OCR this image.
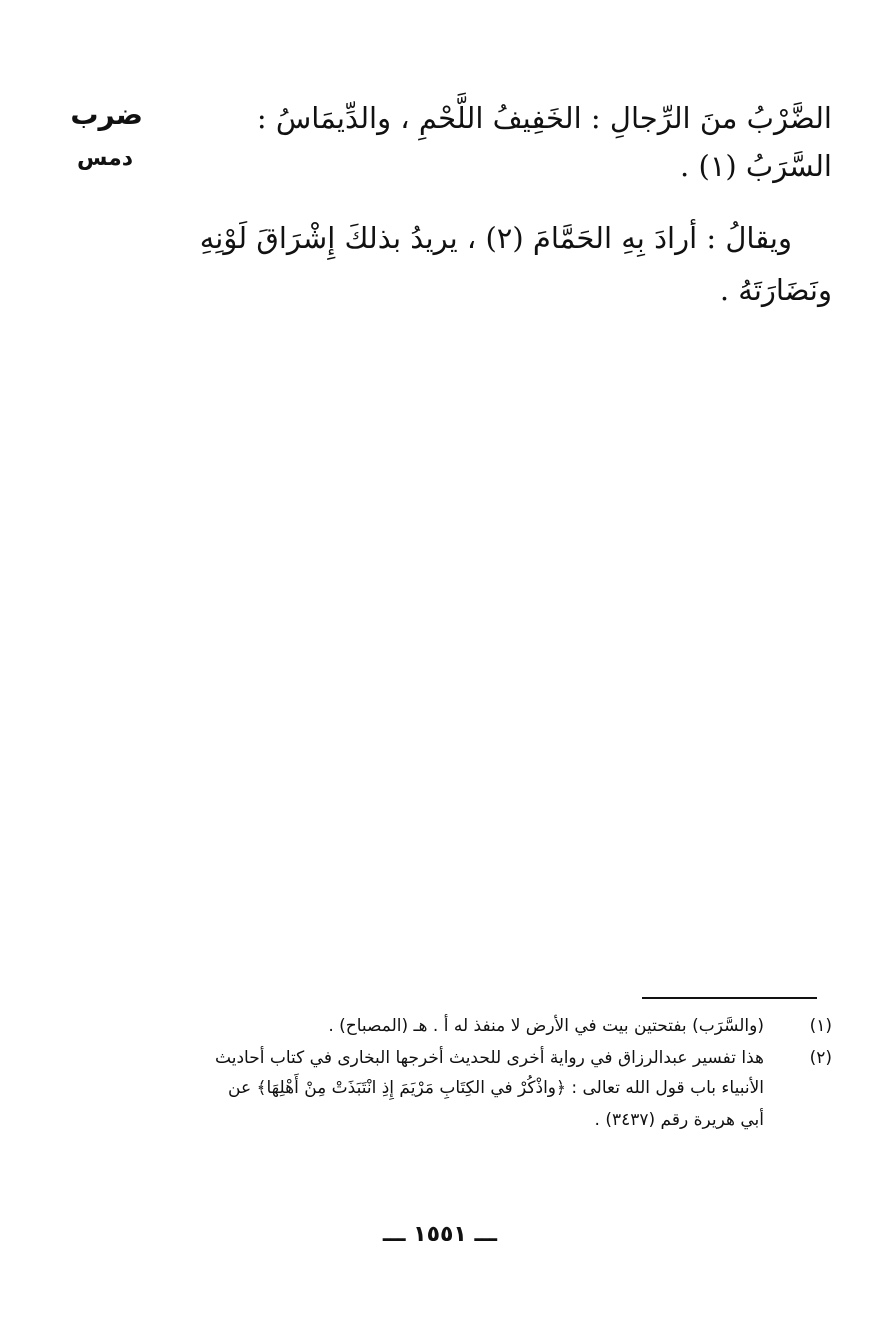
ضرب
دمس
الضَّرْبُ منَ الرِّجالِ : الخَفِيفُ اللَّحْمِ ، والدِّيمَاسُ :
السَّرَبُ (١) .
ويقالُ : أرادَ بِهِ الحَمَّامَ (٢) ، يريدُ بذلكَ إِشْرَاقَ لَوْنِهِ
ونَضَارَتَهُ .
(١)
(والسَّرَب) بفتحتين بيت في الأرض لا منفذ له أ . هـ (المصباح) .
(٢)
هذا تفسير عبدالرزاق في رواية أخرى للحديث أخرجها البخارى في كتاب أحاديث
الأنبياء باب قول الله تعالى : ﴿واذْكُرْ في الكِتَابِ مَرْيَمَ إِذِ انْتَبَذَتْ مِنْ أَهْلِهَا﴾ عن
أبي هريرة رقم (٣٤٣٧) .
ـــ ١٥٥١ ـــ
